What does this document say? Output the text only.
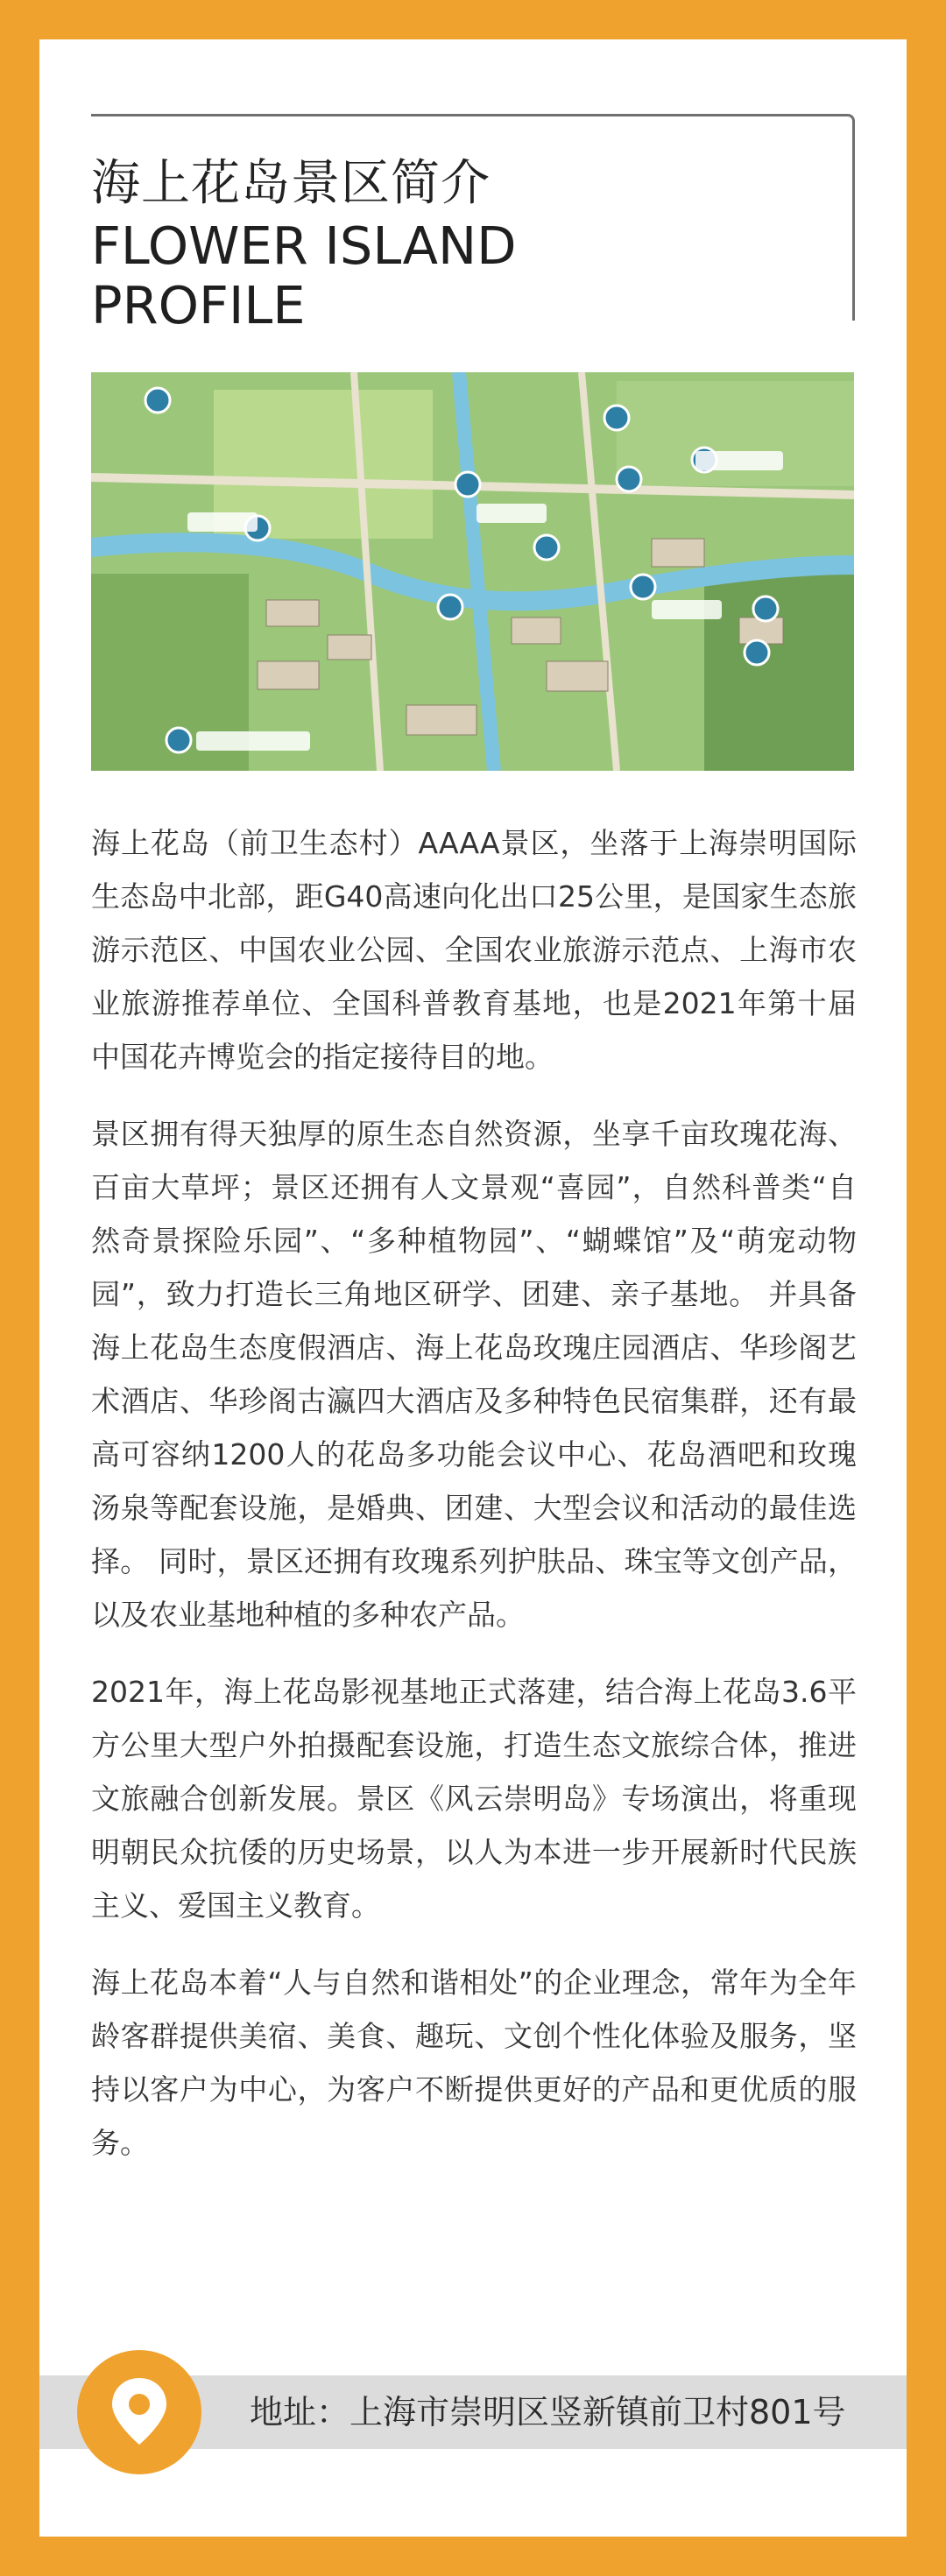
海上花岛景区简介
FLOWER ISLAND PROFILE

海上花岛（前卫生态村）AAAA景区，坐落于上海崇明国际生态岛中北部，距G40高速向化出口25公里，是国家生态旅游示范区、中国农业公园、全国农业旅游示范点、上海市农业旅游推荐单位、全国科普教育基地，也是2021年第十届中国花卉博览会的指定接待目的地。

景区拥有得天独厚的原生态自然资源，坐享千亩玫瑰花海、百亩大草坪；景区还拥有人文景观“喜园”，自然科普类“自然奇景探险乐园”、“多种植物园”、“蝴蝶馆”及“萌宠动物园”，致力打造长三角地区研学、团建、亲子基地。 并具备海上花岛生态度假酒店、海上花岛玫瑰庄园酒店、华珍阁艺术酒店、华珍阁古瀛四大酒店及多种特色民宿集群，还有最高可容纳1200人的花岛多功能会议中心、花岛酒吧和玫瑰汤泉等配套设施，是婚典、团建、大型会议和活动的最佳选择。 同时，景区还拥有玫瑰系列护肤品、珠宝等文创产品，以及农业基地种植的多种农产品。

2021年，海上花岛影视基地正式落建，结合海上花岛3.6平方公里大型户外拍摄配套设施，打造生态文旅综合体，推进文旅融合创新发展。景区《风云崇明岛》专场演出，将重现明朝民众抗倭的历史场景，以人为本进一步开展新时代民族主义、爱国主义教育。

海上花岛本着“人与自然和谐相处”的企业理念，常年为全年龄客群提供美宿、美食、趣玩、文创个性化体验及服务，坚持以客户为中心，为客户不断提供更好的产品和更优质的服务。

地址：上海市崇明区竖新镇前卫村801号
